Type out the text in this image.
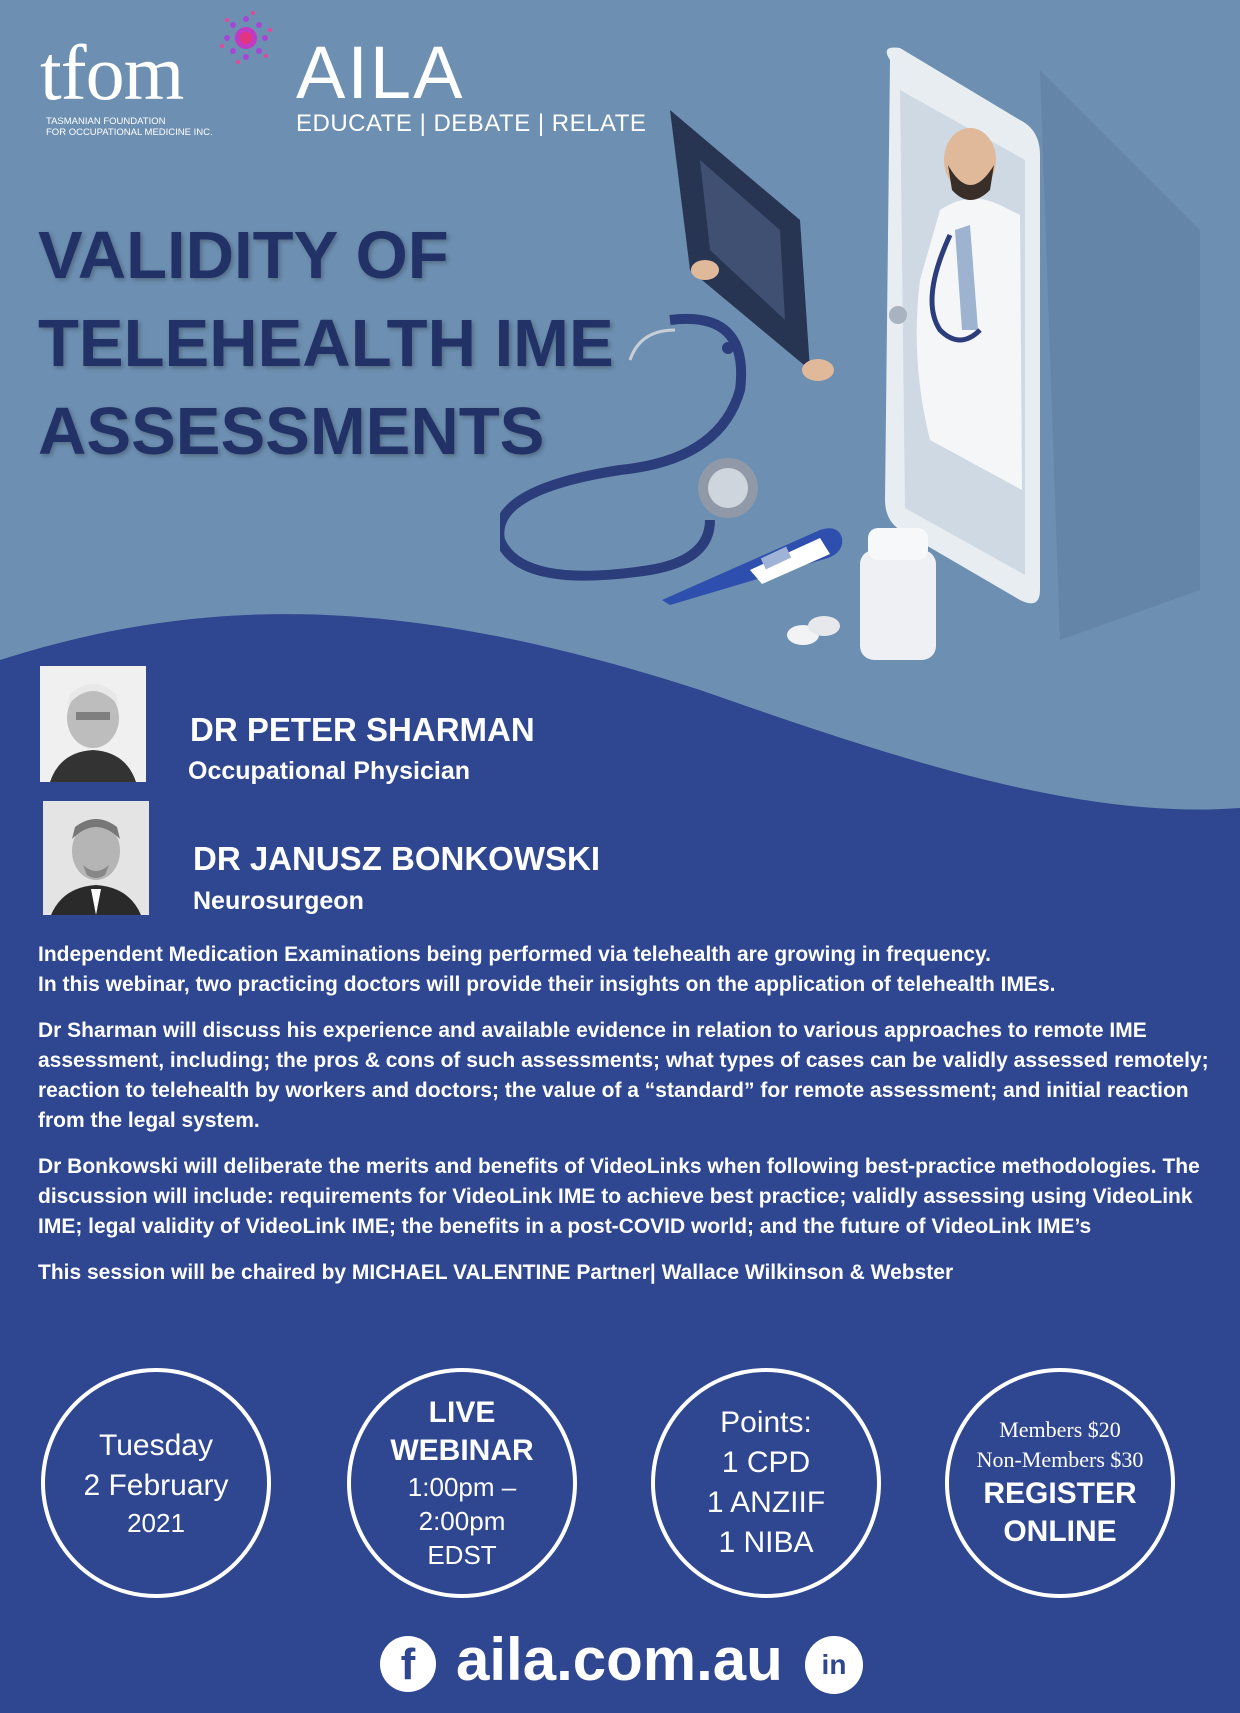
tfom
TASMANIAN FOUNDATION
FOR OCCUPATIONAL MEDICINE INC.
AILA
EDUCATE | DEBATE | RELATE
VALIDITY OF
TELEHEALTH IME
ASSESSMENTS
DR PETER SHARMAN
Occupational Physician
DR JANUSZ BONKOWSKI
Neurosurgeon

Independent Medication Examinations being performed via telehealth are growing in frequency.
In this webinar, two practicing doctors will provide their insights on the application of telehealth IMEs.

Dr Sharman will discuss his experience and available evidence in relation to various approaches to remote IME assessment, including; the pros & cons of such assessments; what types of cases can be validly assessed remotely; reaction to telehealth by workers and doctors; the value of a “standard” for remote assessment; and initial reaction from the legal system.

Dr Bonkowski will deliberate the merits and benefits of VideoLinks when following best-practice methodologies. The discussion will include: requirements for VideoLink IME to achieve best practice; validly assessing using VideoLink IME; legal validity of VideoLink IME; the benefits in a post-COVID world; and the future of VideoLink IME’s

This session will be chaired by MICHAEL VALENTINE Partner| Wallace Wilkinson & Webster

Tuesday
2 February
2021
LIVE
WEBINAR
1:00pm –
2:00pm
EDST
Points:
1 CPD
1 ANZIIF
1 NIBA
Members $20
Non-Members $30
REGISTER
ONLINE
f aila.com.au	in
